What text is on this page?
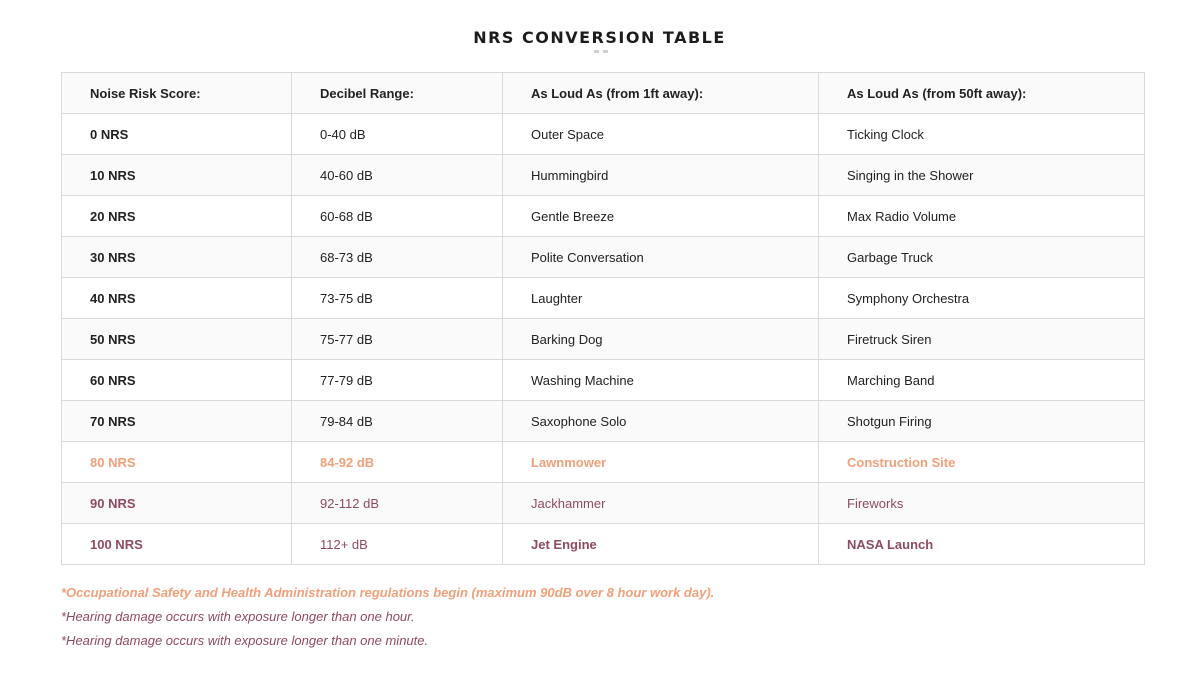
NRS CONVERSION TABLE
Noise Risk Score:	Decibel Range:	As Loud As (from 1ft away):	As Loud As (from 50ft away):
0 NRS	0-40 dB	Outer Space	Ticking Clock
10 NRS	40-60 dB	Hummingbird	Singing in the Shower
20 NRS	60-68 dB	Gentle Breeze	Max Radio Volume
30 NRS	68-73 dB	Polite Conversation	Garbage Truck
40 NRS	73-75 dB	Laughter	Symphony Orchestra
50 NRS	75-77 dB	Barking Dog	Firetruck Siren
60 NRS	77-79 dB	Washing Machine	Marching Band
70 NRS	79-84 dB	Saxophone Solo	Shotgun Firing
80 NRS	84-92 dB	Lawnmower	Construction Site
90 NRS	92-112 dB	Jackhammer	Fireworks
100 NRS	112+ dB	Jet Engine	NASA Launch

*Occupational Safety and Health Administration regulations begin (maximum 90dB over 8 hour work day).

*Hearing damage occurs with exposure longer than one hour.

*Hearing damage occurs with exposure longer than one minute.
